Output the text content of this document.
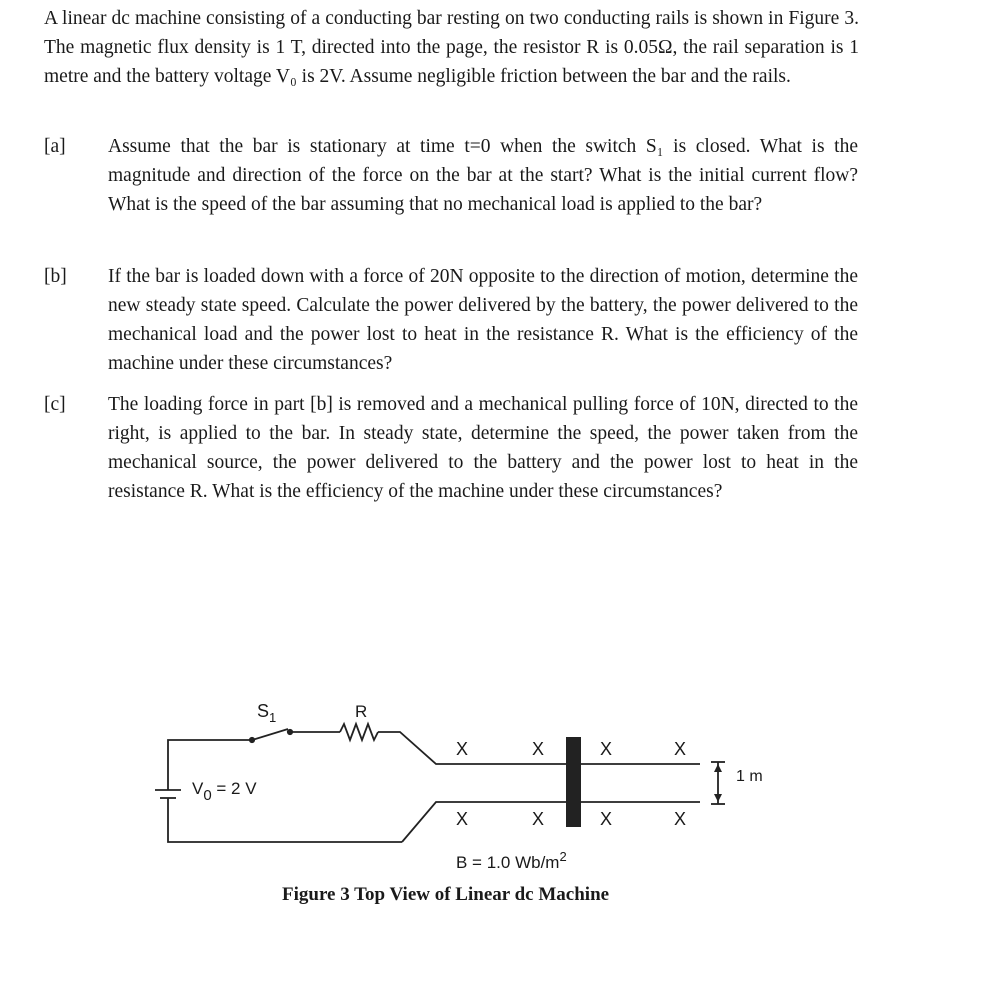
A linear dc machine consisting of a conducting bar resting on two conducting rails is shown in Figure 3. The magnetic flux density is 1 T, directed into the page, the resistor R is 0.05Ω, the rail separation is 1 metre and the battery voltage V₀ is 2V. Assume negligible friction between the bar and the rails.
[a] Assume that the bar is stationary at time t=0 when the switch S₁ is closed. What is the magnitude and direction of the force on the bar at the start? What is the initial current flow? What is the speed of the bar assuming that no mechanical load is applied to the bar?
[b] If the bar is loaded down with a force of 20N opposite to the direction of motion, determine the new steady state speed. Calculate the power delivered by the battery, the power delivered to the mechanical load and the power lost to heat in the resistance R. What is the efficiency of the machine under these circumstances?
[c] The loading force in part [b] is removed and a mechanical pulling force of 10N, directed to the right, is applied to the bar. In steady state, determine the speed, the power taken from the mechanical source, the power delivered to the battery and the power lost to heat in the resistance R. What is the efficiency of the machine under these circumstances?
$S_1$	R
V0 = 2 V
X	X	X	X
X	X	X	X
1 m
B = 1.0 $Wb/m^2$
Figure 3 Top View of Linear dc Machine
